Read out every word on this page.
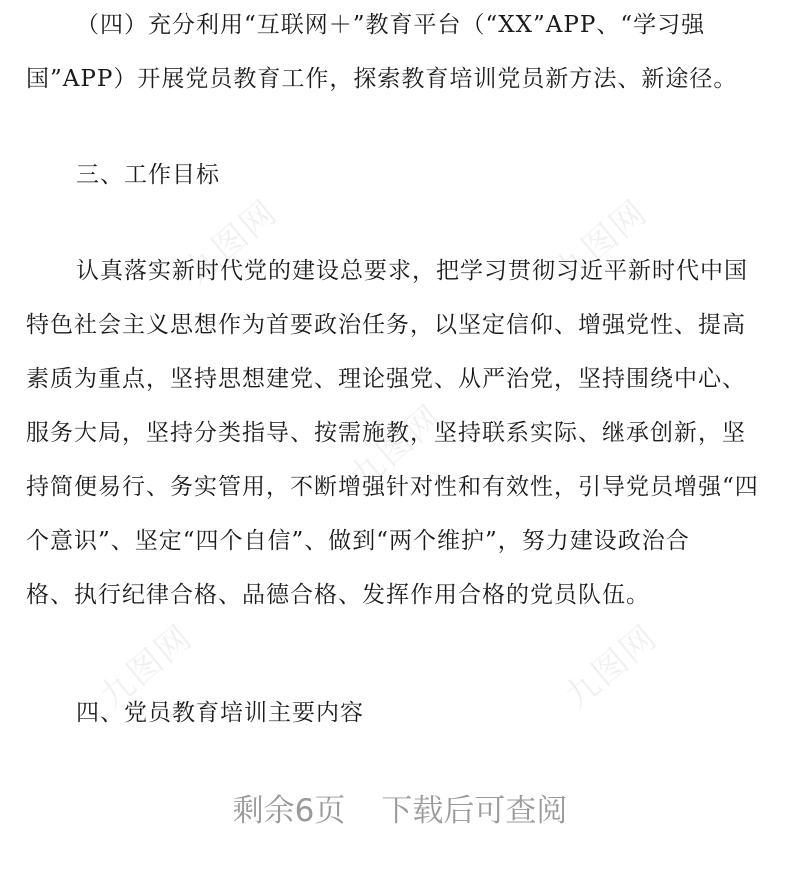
九图网	九图网
九图网
九图网	九图网
（四）充分利用“互联网＋”教育平台（“XX”APP、“学习强
国”APP）开展党员教育工作，探索教育培训党员新方法、新途径。
三、工作目标
认真落实新时代党的建设总要求，把学习贯彻习近平新时代中国
特色社会主义思想作为首要政治任务，以坚定信仰、增强党性、提高
素质为重点，坚持思想建党、理论强党、从严治党，坚持围绕中心、
服务大局，坚持分类指导、按需施教，坚持联系实际、继承创新，坚
持简便易行、务实管用，不断增强针对性和有效性，引导党员增强“四
个意识”、坚定“四个自信”、做到“两个维护”，努力建设政治合
格、执行纪律合格、品德合格、发挥作用合格的党员队伍。
四、党员教育培训主要内容
剩余6页 下载后可查阅
